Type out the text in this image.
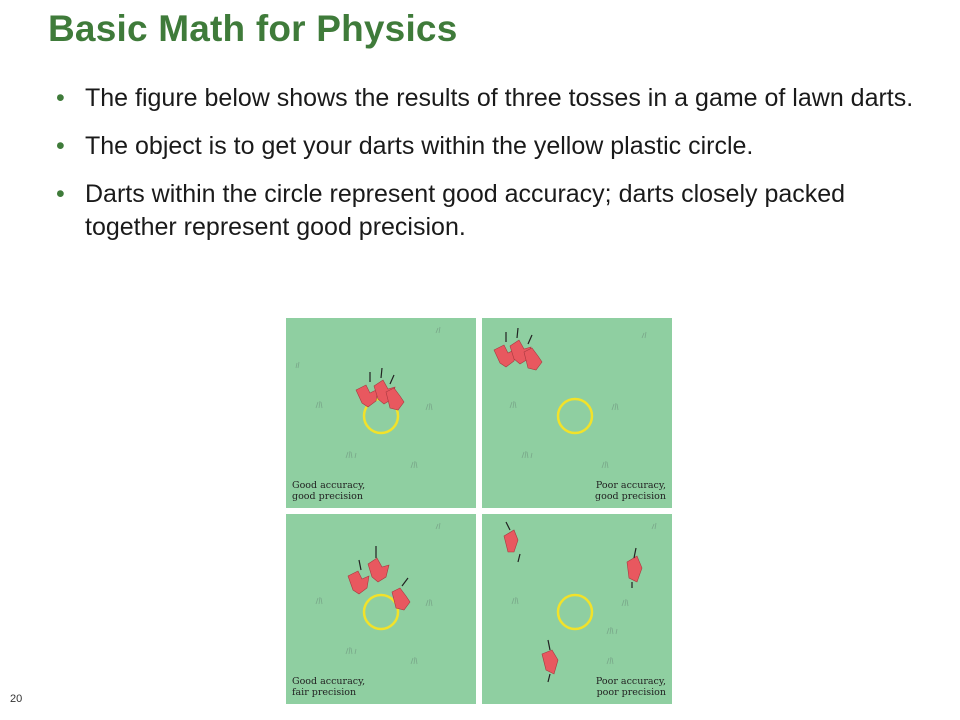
Basic Math for Physics
• The figure below shows the results of three tosses in a game of lawn darts.
• The object is to get your darts within the yellow plastic circle.
• Darts within the circle represent good accuracy; darts closely packed together represent good precision.
Good accuracy,
good precision
Poor accuracy,
good precision
Good accuracy,
fair precision
Poor accuracy,
poor precision
20
